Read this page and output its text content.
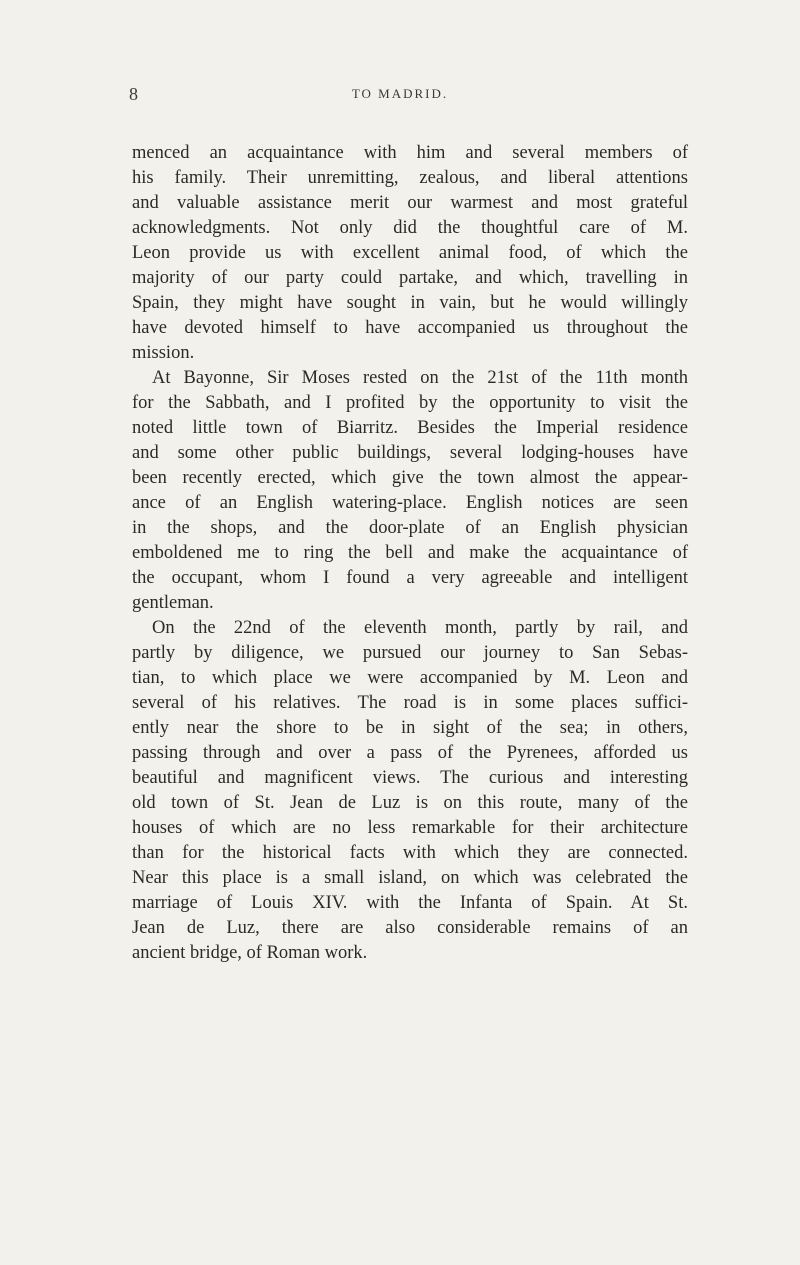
8	TO MADRID.
menced an acquaintance with him and several members of
his family. Their unremitting, zealous, and liberal attentions
and valuable assistance merit our warmest and most grateful
acknowledgments. Not only did the thoughtful care of M.
Leon provide us with excellent animal food, of which the
majority of our party could partake, and which, travelling in
Spain, they might have sought in vain, but he would willingly
have devoted himself to have accompanied us throughout the
mission.
At Bayonne, Sir Moses rested on the 21st of the 11th month
for the Sabbath, and I profited by the opportunity to visit the
noted little town of Biarritz. Besides the Imperial residence
and some other public buildings, several lodging-houses have
been recently erected, which give the town almost the appear-
ance of an English watering-place. English notices are seen
in the shops, and the door-plate of an English physician
emboldened me to ring the bell and make the acquaintance of
the occupant, whom I found a very agreeable and intelligent
gentleman.
On the 22nd of the eleventh month, partly by rail, and
partly by diligence, we pursued our journey to San Sebas-
tian, to which place we were accompanied by M. Leon and
several of his relatives. The road is in some places suffici-
ently near the shore to be in sight of the sea; in others,
passing through and over a pass of the Pyrenees, afforded us
beautiful and magnificent views. The curious and interesting
old town of St. Jean de Luz is on this route, many of the
houses of which are no less remarkable for their architecture
than for the historical facts with which they are connected.
Near this place is a small island, on which was celebrated the
marriage of Louis XIV. with the Infanta of Spain. At St.
Jean de Luz, there are also considerable remains of an
ancient bridge, of Roman work.
